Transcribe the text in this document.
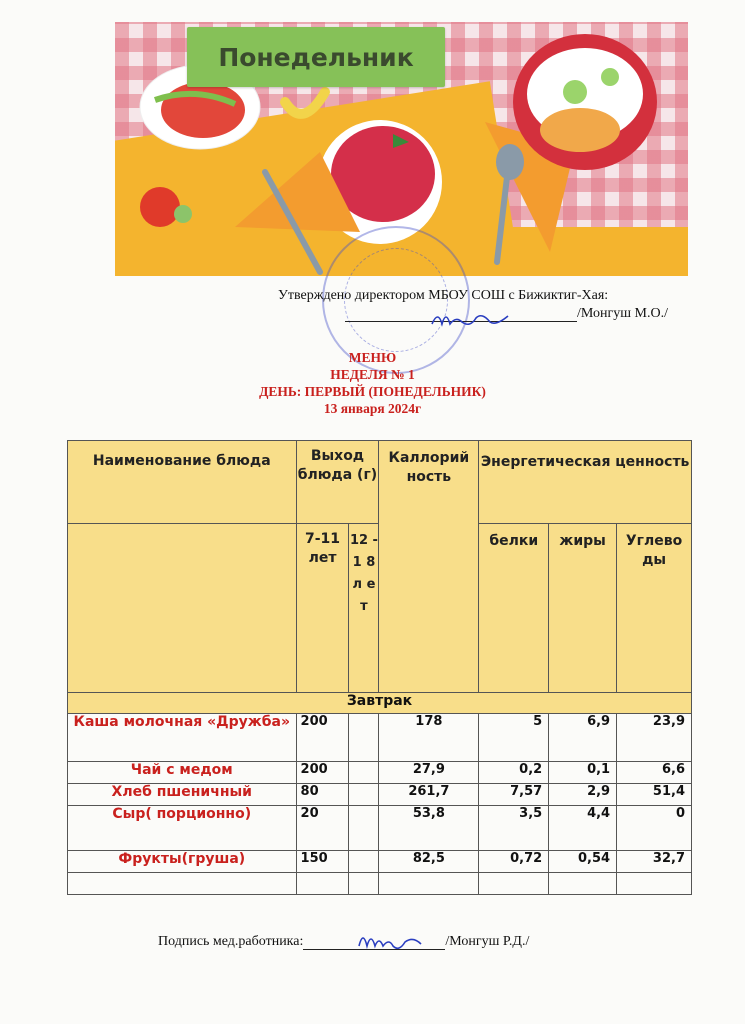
Понедельник
Утверждено директором МБОУ СОШ с Бижиктиг-Хая:
/Монгуш М.О./
МЕНЮ
НЕДЕЛЯ № 1
ДЕНЬ: ПЕРВЫЙ (ПОНЕДЕЛЬНИК)
13 января 2024г
Наименование блюда	Выход блюда (г)		Каллорий ность	Энергетическая ценность		
	7-11 лет	12 - 1 8 л е т		белки	жиры	Углеводы
Завтрак						
Каша молочная «Дружба»	200		178	5	6,9	23,9
Чай с медом	200		27,9	0,2	0,1	6,6
Хлеб пшеничный	80		261,7	7,57	2,9	51,4
Сыр( порционно)	20		53,8	3,5	4,4	0
Фрукты(груша)	150		82,5	0,72	0,54	32,7

Подпись мед.работника:	/Монгуш Р.Д./
